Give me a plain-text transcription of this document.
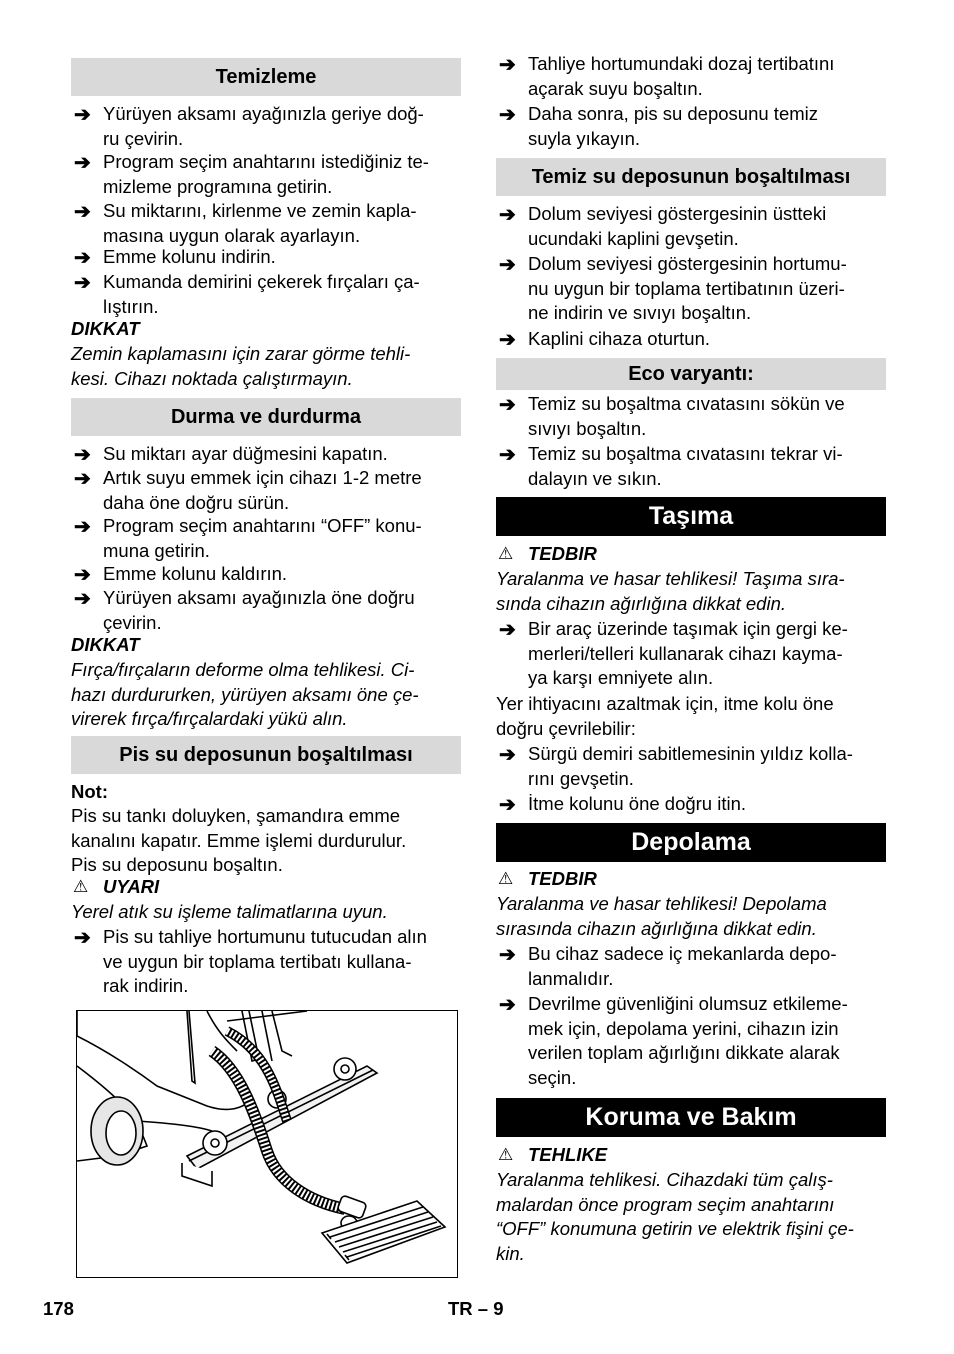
Temizleme
➔ Yürüyen aksamı ayağınızla geriye doğ-
ru çevirin.
➔ Program seçim anahtarını istediğiniz te-
mizleme programına getirin.
➔ Su miktarını, kirlenme ve zemin kapla-
masına uygun olarak ayarlayın.
➔ Emme kolunu indirin.
➔ Kumanda demirini çekerek fırçaları ça-
lıştırın.
DIKKAT
Zemin kaplamasını için zarar görme tehli-
kesi. Cihazı noktada çalıştırmayın.
Durma ve durdurma
➔ Su miktarı ayar düğmesini kapatın.
➔ Artık suyu emmek için cihazı 1-2 metre
daha öne doğru sürün.
➔ Program seçim anahtarını “OFF” konu-
muna getirin.
➔ Emme kolunu kaldırın.
➔ Yürüyen aksamı ayağınızla öne doğru
çevirin.
DIKKAT
Fırça/fırçaların deforme olma tehlikesi. Ci-
hazı durdururken, yürüyen aksamı öne çe-
virerek fırça/fırçalardaki yükü alın.
Pis su deposunun boşaltılması
Not:
Pis su tankı doluyken, şamandıra emme
kanalını kapatır. Emme işlemi durdurulur.
Pis su deposunu boşaltın.
⚠ UYARI
Yerel atık su işleme talimatlarına uyun.
➔ Pis su tahliye hortumunu tutucudan alın
ve uygun bir toplama tertibatı kullana-
rak indirin.
➔ Tahliye hortumundaki dozaj tertibatını
açarak suyu boşaltın.
➔ Daha sonra, pis su deposunu temiz
suyla yıkayın.
Temiz su deposunun boşaltılması
➔ Dolum seviyesi göstergesinin üstteki
ucundaki kaplini gevşetin.
➔ Dolum seviyesi göstergesinin hortumu-
nu uygun bir toplama tertibatının üzeri-
ne indirin ve sıvıyı boşaltın.
➔ Kaplini cihaza oturtun.
Eco varyantı:
➔ Temiz su boşaltma cıvatasını sökün ve
sıvıyı boşaltın.
➔ Temiz su boşaltma cıvatasını tekrar vi-
dalayın ve sıkın.
Taşıma
⚠ TEDBIR
Yaralanma ve hasar tehlikesi! Taşıma sıra-
sında cihazın ağırlığına dikkat edin.
➔ Bir araç üzerinde taşımak için gergi ke-
merleri/telleri kullanarak cihazı kayma-
ya karşı emniyete alın.
Yer ihtiyacını azaltmak için, itme kolu öne
doğru çevrilebilir:
➔ Sürgü demiri sabitlemesinin yıldız kolla-
rını gevşetin.
➔ İtme kolunu öne doğru itin.
Depolama
⚠ TEDBIR
Yaralanma ve hasar tehlikesi! Depolama
sırasında cihazın ağırlığına dikkat edin.
➔ Bu cihaz sadece iç mekanlarda depo-
lanmalıdır.
➔ Devrilme güvenliğini olumsuz etkileme-
mek için, depolama yerini, cihazın izin
verilen toplam ağırlığını dikkate alarak
seçin.
Koruma ve Bakım
⚠ TEHLIKE
Yaralanma tehlikesi. Cihazdaki tüm çalış-
malardan önce program seçim anahtarını
“OFF” konumuna getirin ve elektrik fişini çe-
kin.
178	TR – 9
